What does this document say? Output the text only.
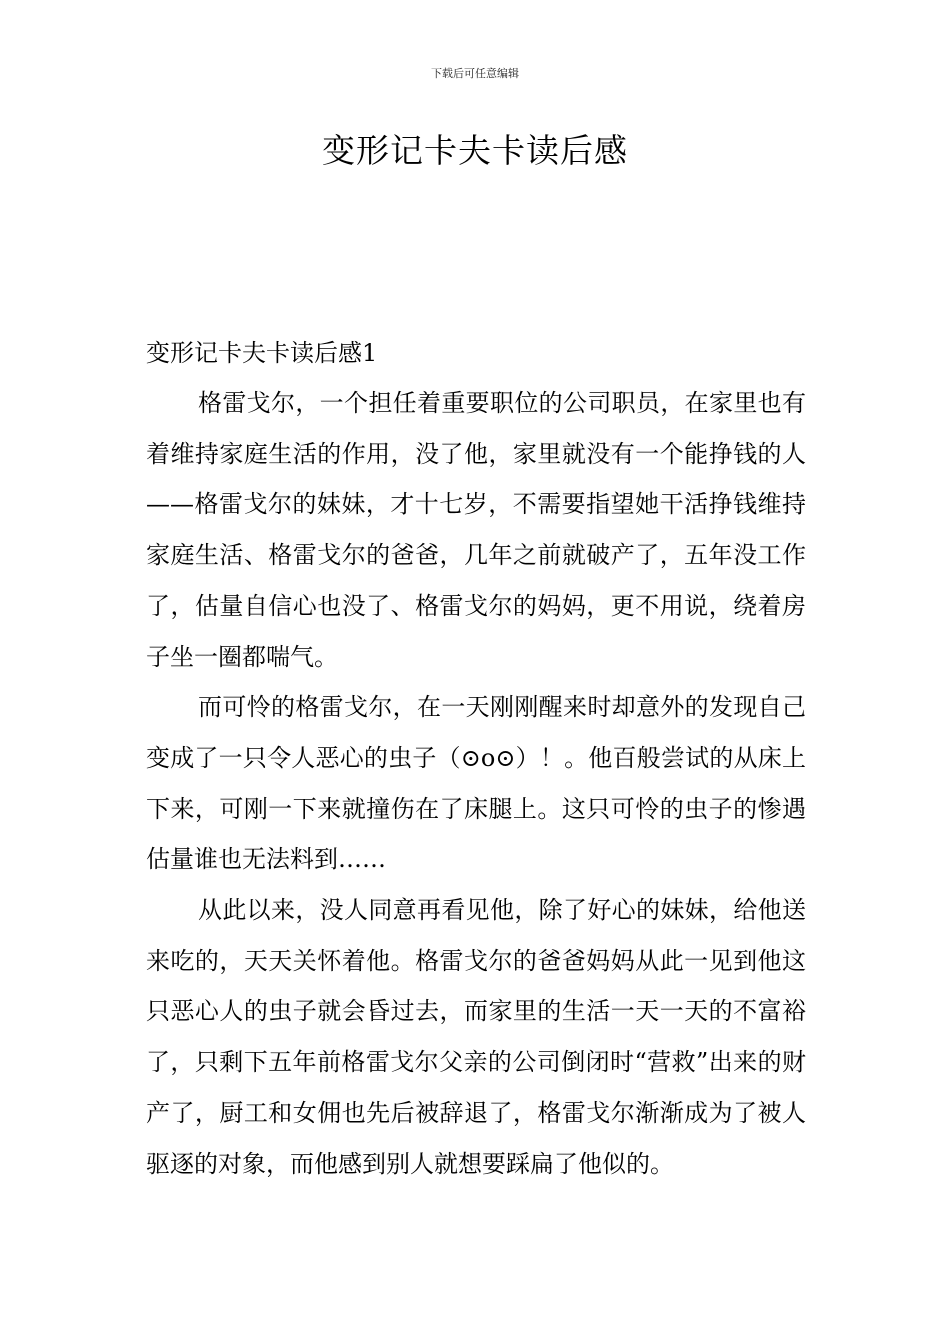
下载后可任意编辑
变形记卡夫卡读后感

变形记卡夫卡读后感1

格雷戈尔，一个担任着重要职位的公司职员，在家里也有着维持家庭生活的作用，没了他，家里就没有一个能挣钱的人——格雷戈尔的妹妹，才十七岁，不需要指望她干活挣钱维持家庭生活、格雷戈尔的爸爸，几年之前就破产了，五年没工作了，估量自信心也没了、格雷戈尔的妈妈，更不用说，绕着房子坐一圈都喘气。

而可怜的格雷戈尔，在一天刚刚醒来时却意外的发现自己变成了一只令人恶心的虫子（⊙o⊙）！。他百般尝试的从床上下来，可刚一下来就撞伤在了床腿上。这只可怜的虫子的惨遇估量谁也无法料到……

从此以来，没人同意再看见他，除了好心的妹妹，给他送来吃的，天天关怀着他。格雷戈尔的爸爸妈妈从此一见到他这只恶心人的虫子就会昏过去，而家里的生活一天一天的不富裕了，只剩下五年前格雷戈尔父亲的公司倒闭时“营救”出来的财产了，厨工和女佣也先后被辞退了，格雷戈尔渐渐成为了被人驱逐的对象，而他感到别人就想要踩扁了他似的。
